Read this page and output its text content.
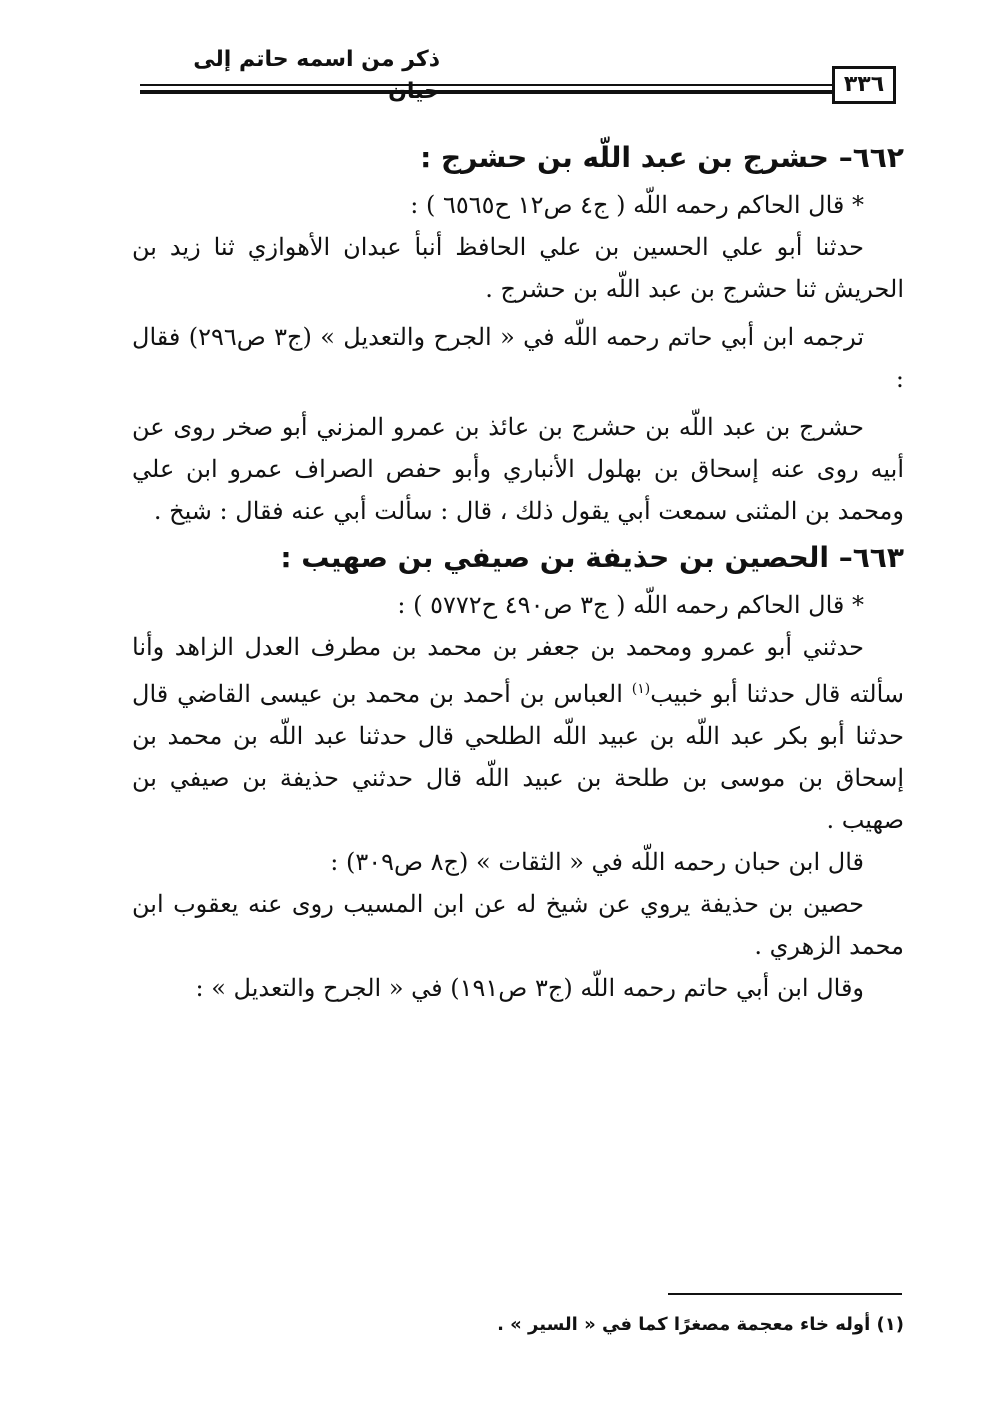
ذكر من اسمه حاتم إلى حيان	٣٣٦
٦٦٢– حشرج بن عبد اللّه بن حشرج :

* قال الحاكم رحمه اللّه ( ج٤ ص١٢ ح٦٥٦٥ ) :

حدثنا أبو علي الحسين بن علي الحافظ أنبأ عبدان الأهوازي ثنا زيد بن الحريش ثنا حشرج بن عبد اللّه بن حشرج .

ترجمه ابن أبي حاتم رحمه اللّه في « الجرح والتعديل » (ج٣ ص٢٩٦) فقال :

حشرج بن عبد اللّه بن حشرج بن عائذ بن عمرو المزني أبو صخر روى عن أبيه روى عنه إسحاق بن بهلول الأنباري وأبو حفص الصراف عمرو ابن علي ومحمد بن المثنى سمعت أبي يقول ذلك ، قال : سألت أبي عنه فقال : شيخ .

٦٦٣– الحصين بن حذيفة بن صيفي بن صهيب :

* قال الحاكم رحمه اللّه ( ج٣ ص٤٩٠ ح٥٧٧٢ ) :

حدثني أبو عمرو ومحمد بن جعفر بن محمد بن مطرف العدل الزاهد وأنا سألته قال حدثنا أبو خبيب$^{(١)}$ العباس بن أحمد بن محمد بن عيسى القاضي قال حدثنا أبو بكر عبد اللّه بن عبيد اللّه الطلحي قال حدثنا عبد اللّه بن محمد بن إسحاق بن موسى بن طلحة بن عبيد اللّه قال حدثني حذيفة بن صيفي بن صهيب .

قال ابن حبان رحمه اللّه في « الثقات » (ج٨ ص٣٠٩) :

حصين بن حذيفة يروي عن شيخ له عن ابن المسيب روى عنه يعقوب ابن محمد الزهري .

وقال ابن أبي حاتم رحمه اللّه (ج٣ ص١٩١) في « الجرح والتعديل » :

(١) أوله خاء معجمة مصغرًا كما في « السير » .
